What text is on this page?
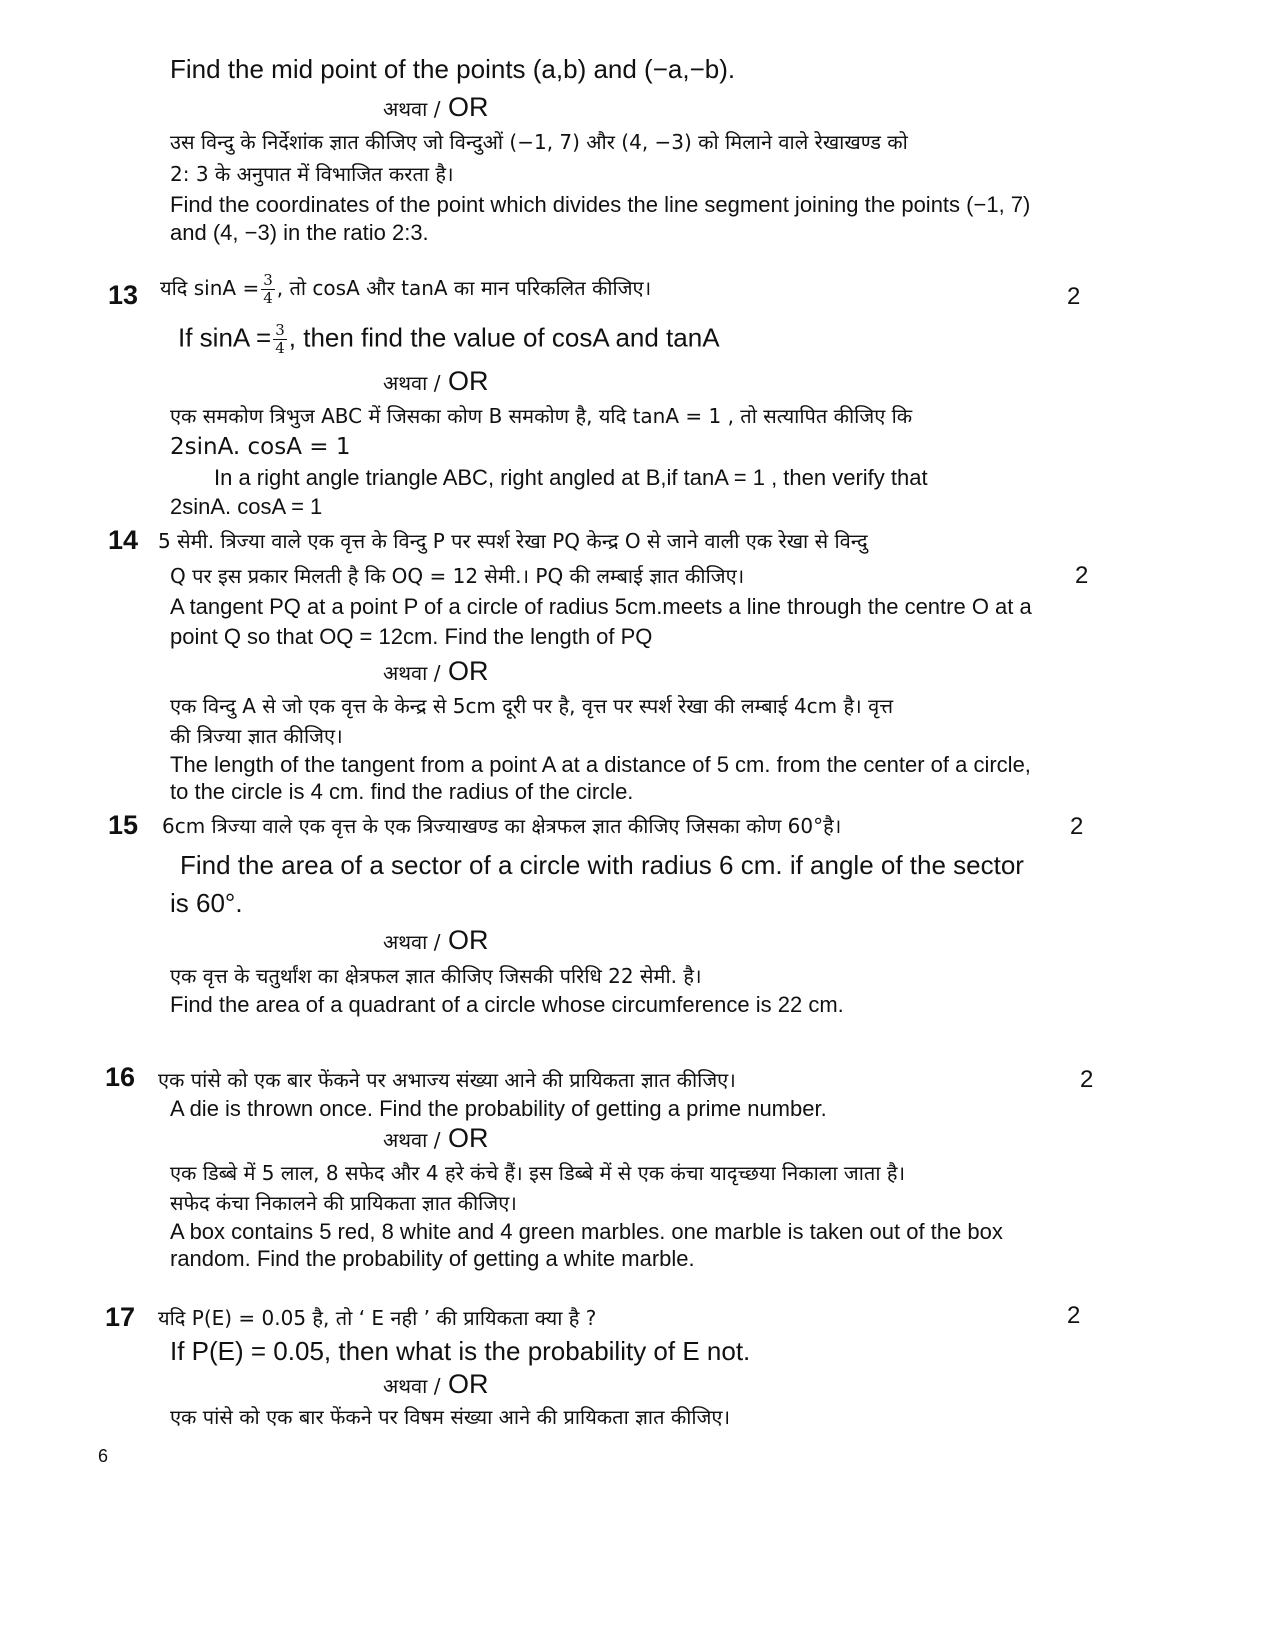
Find the mid point of the points (a,b) and (−a,−b).
अथवा / OR
उस विन्दु के निर्देशांक ज्ञात कीजिए जो विन्दुओं (−1, 7) और (4, −3) को मिलाने वाले रेखाखण्ड को
2: 3 के अनुपात में विभाजित करता है।
Find the coordinates of the point which divides the line segment joining the points (−1, 7)
and (4, −3) in the ratio 2:3.
13 यदि $\sin A = \frac{3}{4}$ , तो cosA और tanA का मान परिकलित कीजिए।	2
If $\sin A = \frac{3}{4}$ , then find the value of cosA and tanA
अथवा / OR
एक समकोण त्रिभुज ABC में जिसका कोण B समकोण है, यदि tanA = 1 , तो सत्यापित कीजिए कि
2sinA. cosA = 1
In a right angle triangle ABC, right angled at B,if tanA = 1 , then verify that
2sinA. cosA = 1
14 5 सेमी. त्रिज्या वाले एक वृत्त के विन्दु P पर स्पर्श रेखा PQ केन्द्र O से जाने वाली एक रेखा से विन्दु
Q पर इस प्रकार मिलती है कि OQ = 12 सेमी.। PQ की लम्बाई ज्ञात कीजिए।	2
A tangent PQ at a point P of a circle of radius 5cm.meets a line through the centre O at a
point Q so that OQ = 12cm. Find the length of PQ
अथवा / OR
एक विन्दु A से जो एक वृत्त के केन्द्र से 5cm दूरी पर है, वृत्त पर स्पर्श रेखा की लम्बाई 4cm है। वृत्त
की त्रिज्या ज्ञात कीजिए।
The length of the tangent from a point A at a distance of 5 cm. from the center of a circle,
to the circle is 4 cm. find the radius of the circle.
15 6cm त्रिज्या वाले एक वृत्त के एक त्रिज्याखण्ड का क्षेत्रफल ज्ञात कीजिए जिसका कोण 60°है।	2
Find the area of a sector of a circle with radius 6 cm. if angle of the sector
is 60°.
अथवा / OR
एक वृत्त के चतुर्थांश का क्षेत्रफल ज्ञात कीजिए जिसकी परिधि 22 सेमी. है।
Find the area of a quadrant of a circle whose circumference is 22 cm.
16 एक पांसे को एक बार फेंकने पर अभाज्य संख्या आने की प्रायिकता ज्ञात कीजिए।	2
A die is thrown once. Find the probability of getting a prime number.
अथवा / OR
एक डिब्बे में 5 लाल, 8 सफेद और 4 हरे कंचे हैं। इस डिब्बे में से एक कंचा यादृच्छया निकाला जाता है।
सफेद कंचा निकालने की प्रायिकता ज्ञात कीजिए।
A box contains 5 red, 8 white and 4 green marbles. one marble is taken out of the box
random. Find the probability of getting a white marble.
17 यदि P(E) = 0.05 है, तो ‘ E नही ’ की प्रायिकता क्या है ?	2
If P(E) = 0.05, then what is the probability of E not.
अथवा / OR
एक पांसे को एक बार फेंकने पर विषम संख्या आने की प्रायिकता ज्ञात कीजिए।
6
